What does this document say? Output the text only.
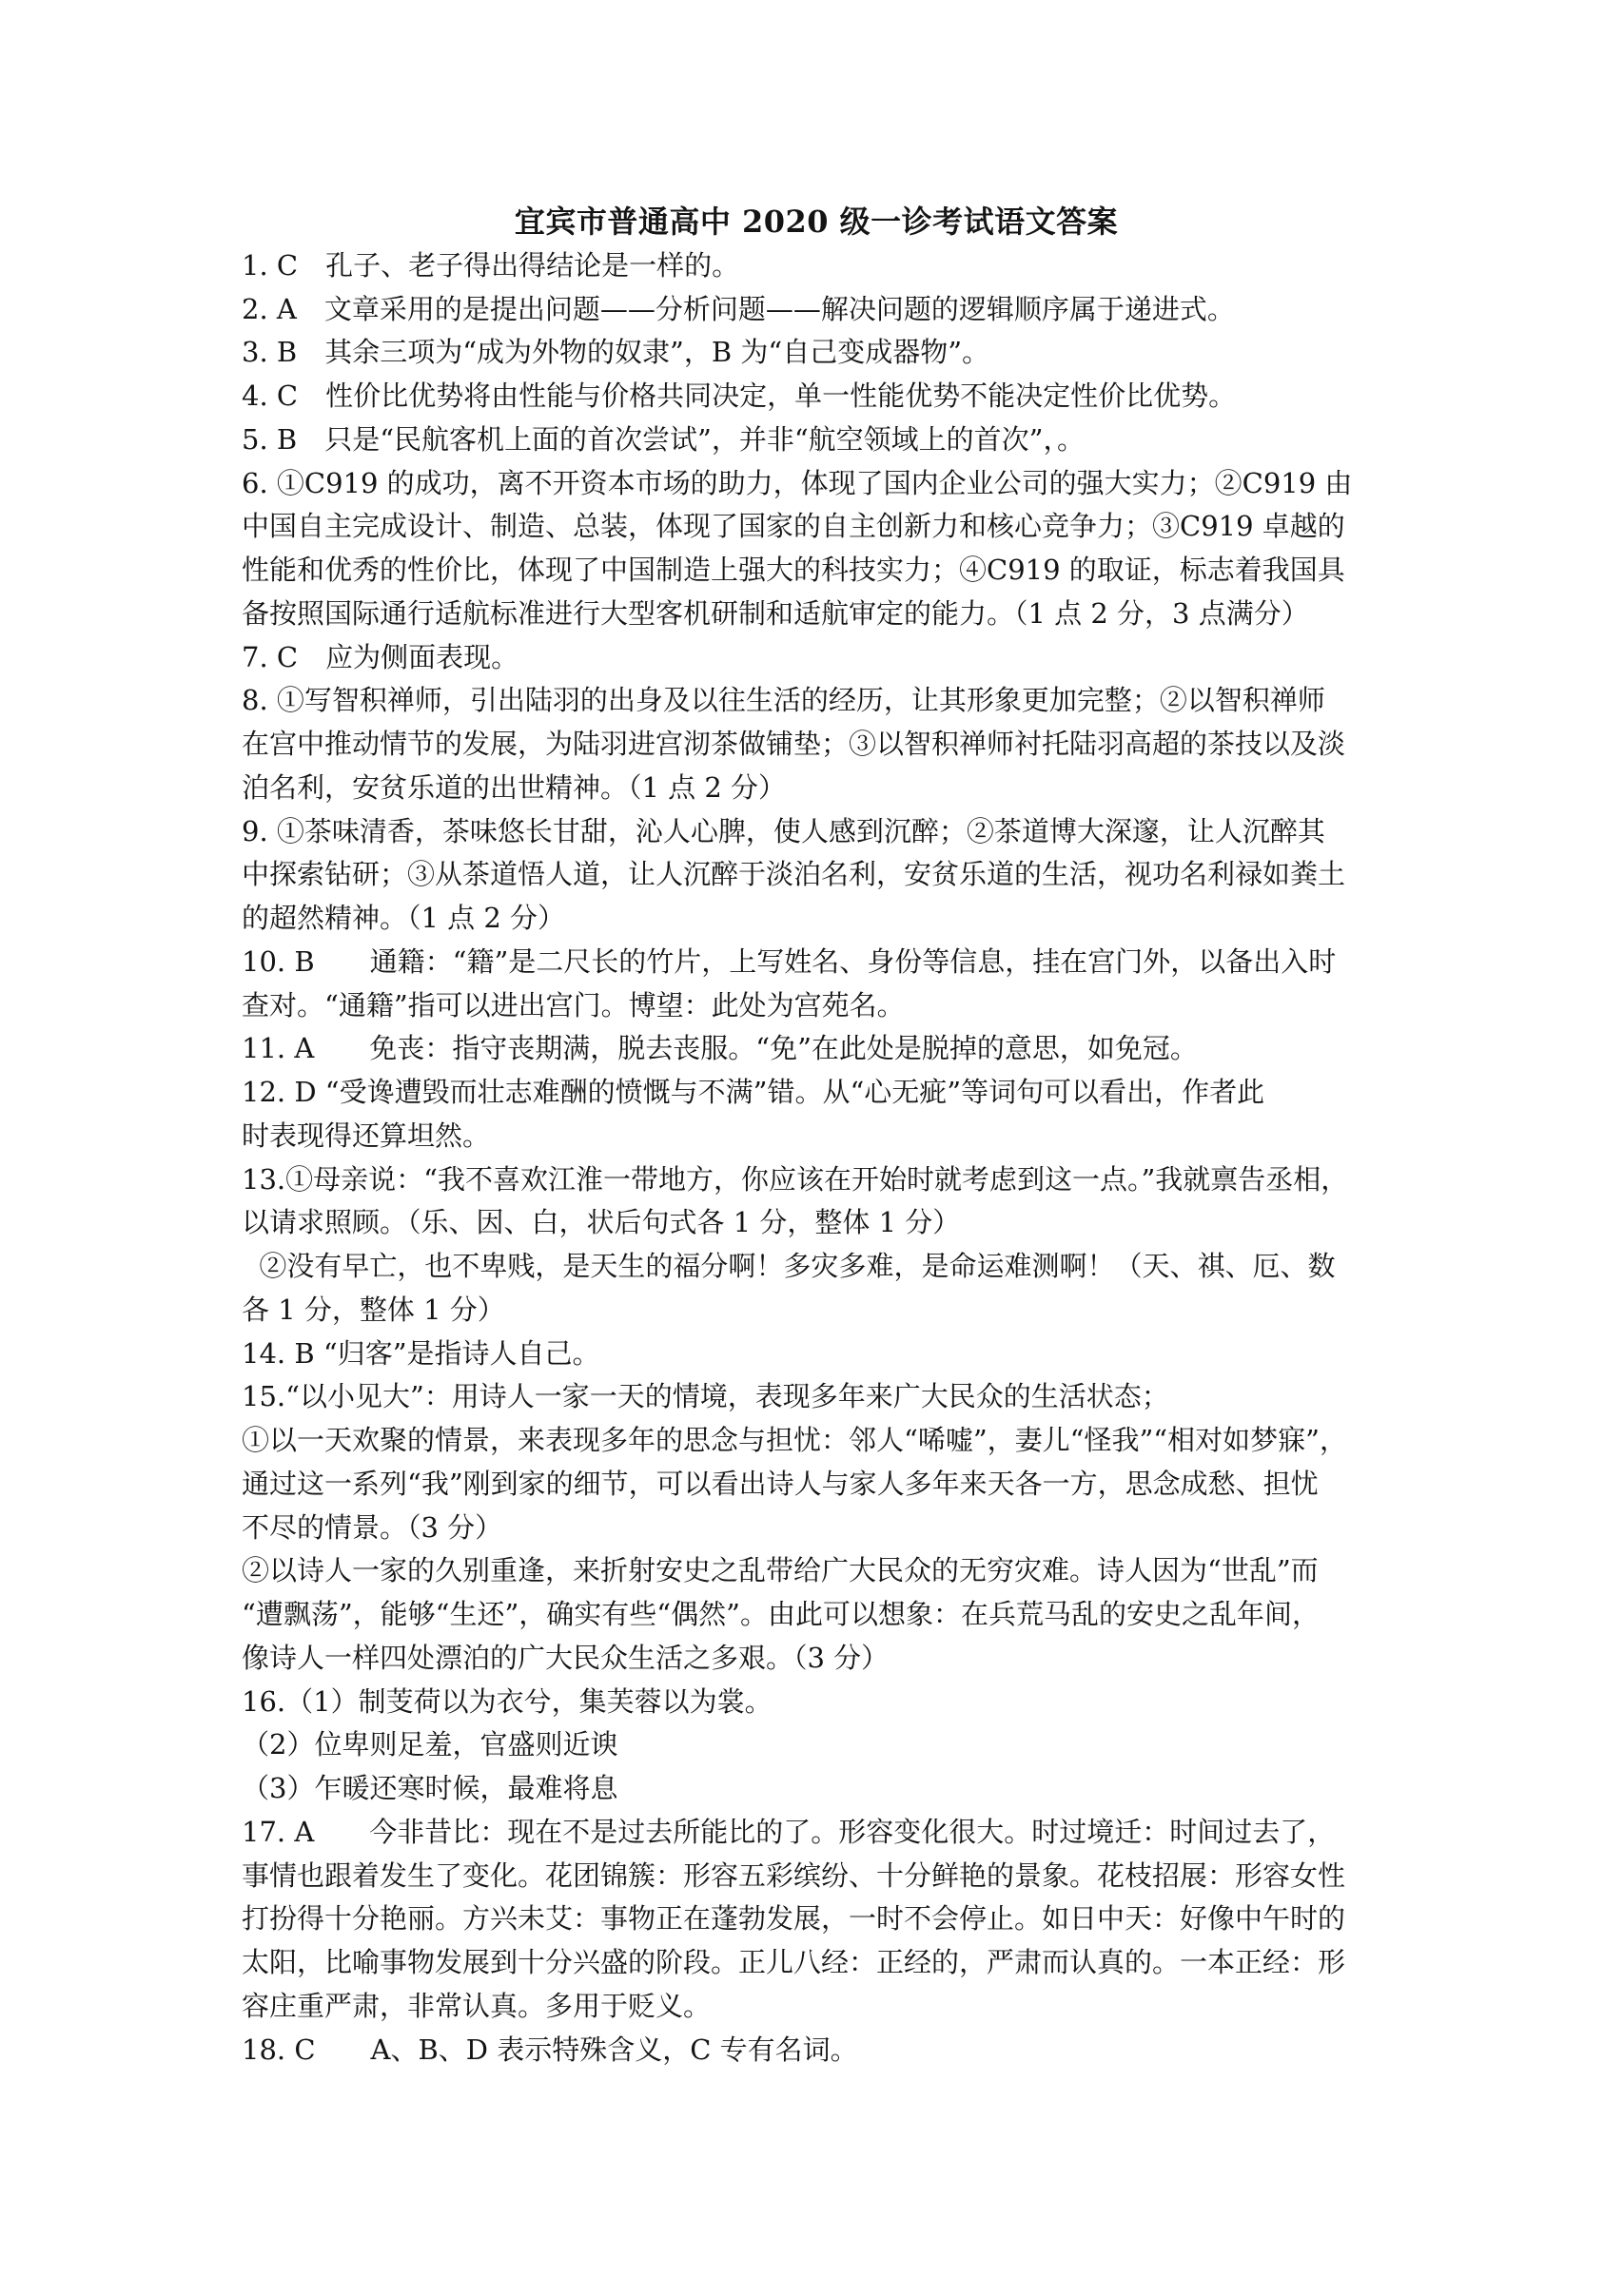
宜宾市普通高中 2020 级一诊考试语文答案
1. C　孔子、老子得出得结论是一样的。
2. A　文章采用的是提出问题——分析问题——解决问题的逻辑顺序属于递进式。
3. B　其余三项为“成为外物的奴隶”，B 为“自己变成器物”。
4. C　性价比优势将由性能与价格共同决定，单一性能优势不能决定性价比优势。
5. B　只是“民航客机上面的首次尝试”，并非“航空领域上的首次”，。
6. ①C919 的成功，离不开资本市场的助力，体现了国内企业公司的强大实力；②C919 由
中国自主完成设计、制造、总装，体现了国家的自主创新力和核心竞争力；③C919 卓越的
性能和优秀的性价比，体现了中国制造上强大的科技实力；④C919 的取证，标志着我国具
备按照国际通行适航标准进行大型客机研制和适航审定的能力。（1 点 2 分，3 点满分）
7. C　应为侧面表现。
8. ①写智积禅师，引出陆羽的出身及以往生活的经历，让其形象更加完整；②以智积禅师
在宫中推动情节的发展，为陆羽进宫沏茶做铺垫；③以智积禅师衬托陆羽高超的茶技以及淡
泊名利，安贫乐道的出世精神。（1 点 2 分）
9. ①茶味清香，茶味悠长甘甜，沁人心脾，使人感到沉醉；②茶道博大深邃，让人沉醉其
中探索钻研；③从茶道悟人道，让人沉醉于淡泊名利，安贫乐道的生活，视功名利禄如粪土
的超然精神。（1 点 2 分）
10. B　　通籍：“籍”是二尺长的竹片，上写姓名、身份等信息，挂在宫门外，以备出入时
查对。“通籍”指可以进出宫门。博望：此处为宫苑名。
11. A　　免丧：指守丧期满，脱去丧服。“免”在此处是脱掉的意思，如免冠。
12. D “受谗遭毁而壮志难酬的愤慨与不满”错。从“心无疵”等词句可以看出，作者此
时表现得还算坦然。
13.①母亲说：“我不喜欢江淮一带地方，你应该在开始时就考虑到这一点。”我就禀告丞相，
以请求照顾。（乐、因、白，状后句式各 1 分，整体 1 分）
②没有早亡，也不卑贱，是天生的福分啊！多灾多难，是命运难测啊！（天、祺、厄、数
各 1 分，整体 1 分）
14. B “归客”是指诗人自己。
15.“以小见大”：用诗人一家一天的情境，表现多年来广大民众的生活状态；
①以一天欢聚的情景，来表现多年的思念与担忧：邻人“唏嘘”，妻儿“怪我”“相对如梦寐”，
通过这一系列“我”刚到家的细节，可以看出诗人与家人多年来天各一方，思念成愁、担忧
不尽的情景。（3 分）
②以诗人一家的久别重逢，来折射安史之乱带给广大民众的无穷灾难。诗人因为“世乱”而
“遭飘荡”，能够“生还”，确实有些“偶然”。由此可以想象：在兵荒马乱的安史之乱年间，
像诗人一样四处漂泊的广大民众生活之多艰。（3 分）
16.（1）制芰荷以为衣兮，集芙蓉以为裳。
（2）位卑则足羞，官盛则近谀
（3）乍暖还寒时候，最难将息
17. A　　今非昔比：现在不是过去所能比的了。形容变化很大。时过境迁：时间过去了，
事情也跟着发生了变化。花团锦簇：形容五彩缤纷、十分鲜艳的景象。花枝招展：形容女性
打扮得十分艳丽。方兴未艾：事物正在蓬勃发展，一时不会停止。如日中天：好像中午时的
太阳，比喻事物发展到十分兴盛的阶段。正儿八经：正经的，严肃而认真的。一本正经：形
容庄重严肃，非常认真。多用于贬义。
18. C　　A、B、D 表示特殊含义，C 专有名词。
